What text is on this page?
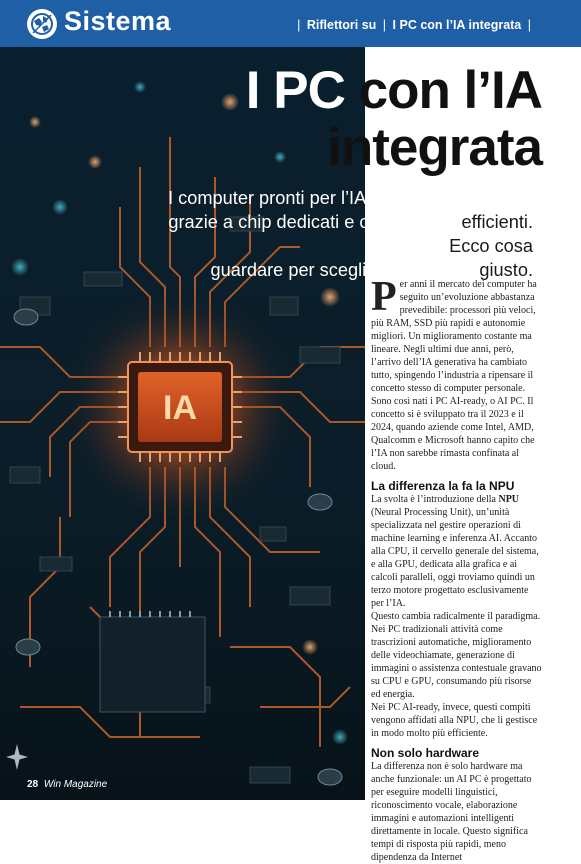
Sistema	| Riflettori su | I PC con l’IA integrata |
IA
I PC con l’IA
integrata
I computer pronti per l’IA cambiano il mercato
grazie a chip dedicati e consumi più efficienti. Ecco cosa
guardare per scegliere il modello giusto.

Per anni il mercato dei computer ha seguito un’evoluzione abbastanza prevedibile: processori più veloci, più RAM, SSD più rapidi e autonomie migliori. Un miglioramento costante ma lineare. Negli ultimi due anni, però, l’arrivo dell’IA generativa ha cambiato tutto, spingendo l’industria a ripensare il concetto stesso di computer personale. Sono così nati i PC AI-ready, o AI PC. Il concetto si è sviluppato tra il 2023 e il 2024, quando aziende come Intel, AMD, Qualcomm e Microsoft hanno capito che l’IA non sarebbe rimasta confinata al cloud.

La differenza la fa la NPU

La svolta è l’introduzione della NPU (Neural Processing Unit), un’unità specializzata nel gestire operazioni di machine learning e inferenza AI. Accanto alla CPU, il cervello generale del sistema, e alla GPU, dedicata alla grafica e ai calcoli paralleli, oggi troviamo quindi un terzo motore progettato esclusivamente per l’IA.

Questo cambia radicalmente il paradigma. Nei PC tradizionali attività come trascrizioni automatiche, miglioramento delle videochiamate, generazione di immagini o assistenza contestuale gravano su CPU e GPU, consumando più risorse ed energia.

Nei PC AI-ready, invece, questi compiti vengono affidati alla NPU, che li gestisce in modo molto più efficiente.

Non solo hardware

La differenza non è solo hardware ma anche funzionale: un AI PC è progettato per eseguire modelli linguistici, riconoscimento vocale, elaborazione immagini e automazioni intelligenti direttamente in locale. Questo significa tempi di risposta più rapidi, meno dipendenza da Internet

28 Win Magazine
